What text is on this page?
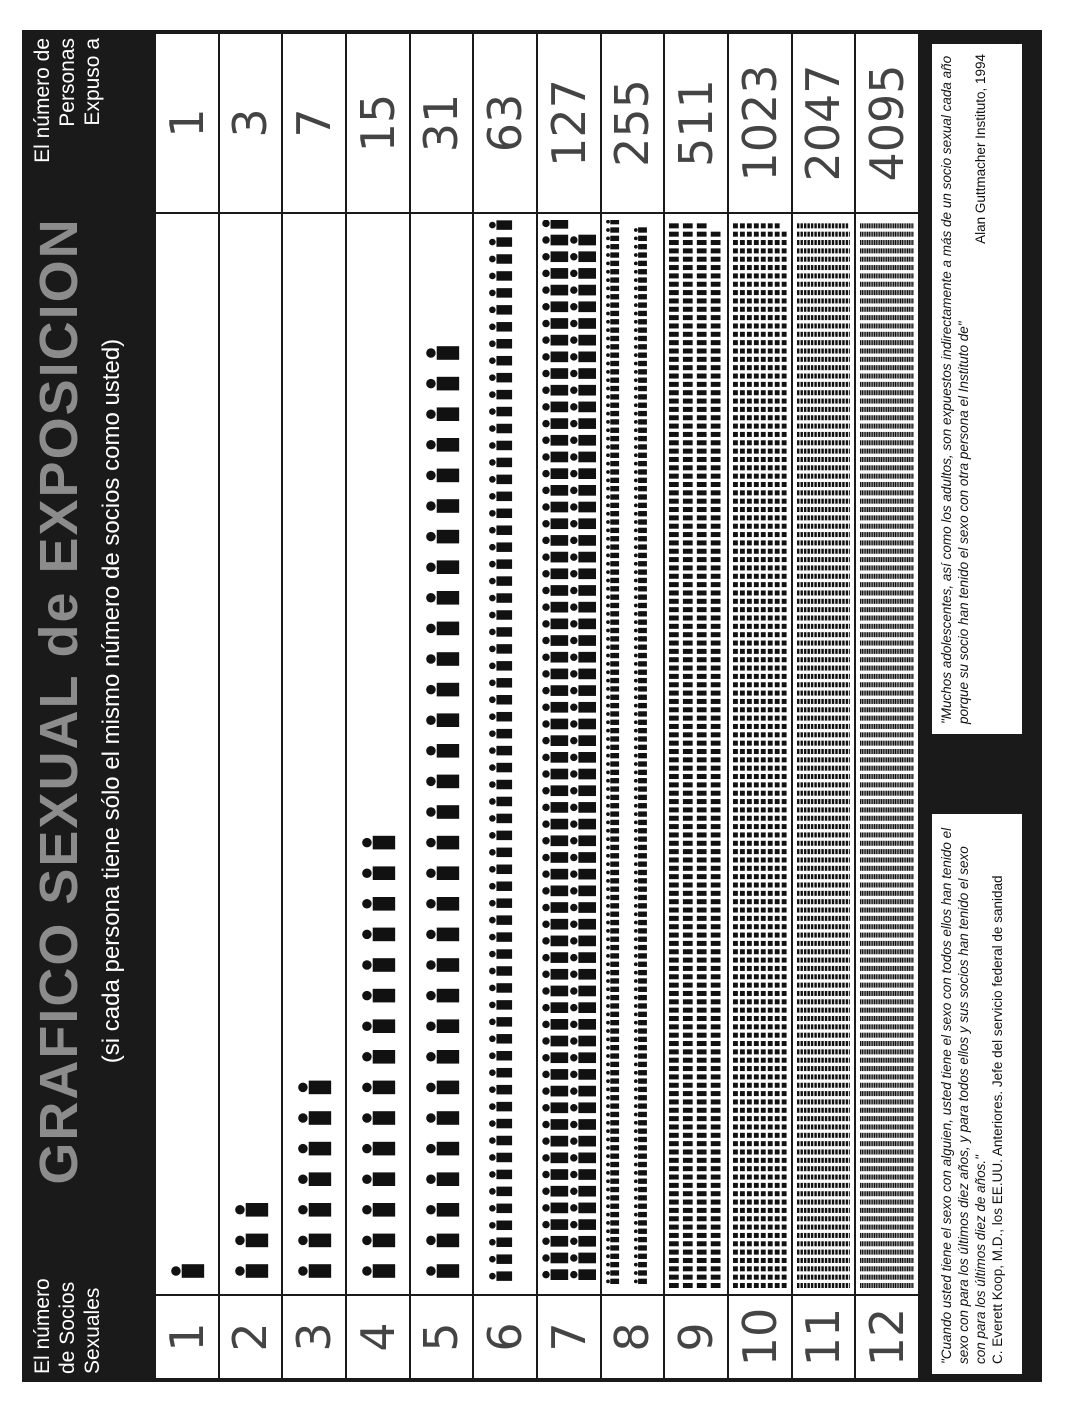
El número de Socios Sexuales
GRAFICO SEXUAL de EXPOSICION (si cada persona tiene sólo el mismo número de socios como usted)
El número de Personas Expuso a
1
1
2
3
3
7
4
15
5
31
6
63
7
127
8
255
9
511
10
1023
11
2047
12
4095
"Cuando usted tiene el sexo con alguien, usted tiene el sexo con todos ellos han tenido el sexo con para los últimos diez años, y para todos ellos y sus socios han tenido el sexo con para los últimos diez de años." C. Everett Koop, M.D., los EE.UU. Anteriores. Jefe del servicio federal de sanidad
"Muchos adolescentes, así como los adultos, son expuestos indirectamente a más de un socio sexual cada año porque su socio han tenido el sexo con otra persona el Instituto de"
Alan Guttmacher Instituto, 1994
